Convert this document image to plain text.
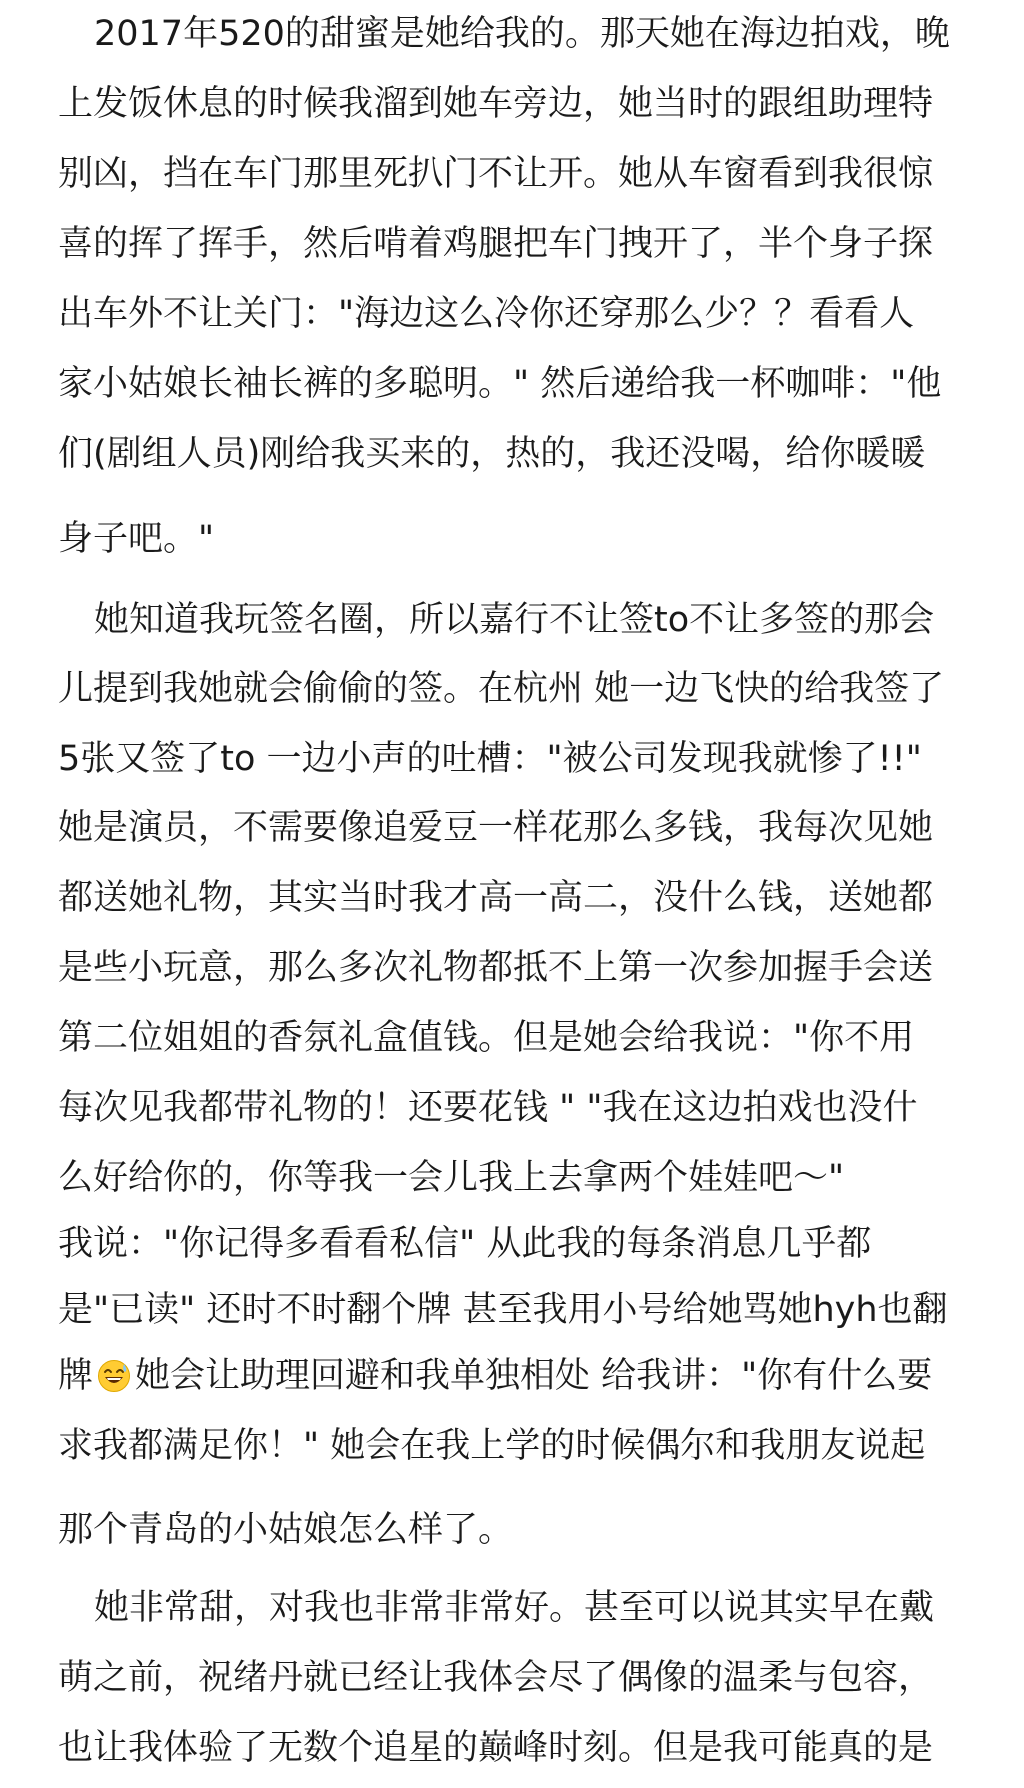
2017年520的甜蜜是她给我的。那天她在海边拍戏，晚
上发饭休息的时候我溜到她车旁边，她当时的跟组助理特
别凶，挡在车门那里死扒门不让开。她从车窗看到我很惊
喜的挥了挥手，然后啃着鸡腿把车门拽开了，半个身子探
出车外不让关门："海边这么冷你还穿那么少？？看看人
家小姑娘长袖长裤的多聪明。" 然后递给我一杯咖啡："他
们(剧组人员)刚给我买来的，热的，我还没喝，给你暖暖
身子吧。"
她知道我玩签名圈，所以嘉行不让签to不让多签的那会
儿提到我她就会偷偷的签。在杭州 她一边飞快的给我签了
5张又签了to 一边小声的吐槽："被公司发现我就惨了!!"
她是演员，不需要像追爱豆一样花那么多钱，我每次见她
都送她礼物，其实当时我才高一高二，没什么钱，送她都
是些小玩意，那么多次礼物都抵不上第一次参加握手会送
第二位姐姐的香氛礼盒值钱。但是她会给我说："你不用
每次见我都带礼物的！还要花钱 " "我在这边拍戏也没什
么好给你的，你等我一会儿我上去拿两个娃娃吧～"
我说："你记得多看看私信" 从此我的每条消息几乎都
是"已读" 还时不时翻个牌 甚至我用小号给她骂她hyh也翻
牌 她会让助理回避和我单独相处 给我讲："你有什么要
求我都满足你！" 她会在我上学的时候偶尔和我朋友说起
那个青岛的小姑娘怎么样了。
她非常甜，对我也非常非常好。甚至可以说其实早在戴
萌之前，祝绪丹就已经让我体会尽了偶像的温柔与包容，
也让我体验了无数个追星的巅峰时刻。但是我可能真的是
